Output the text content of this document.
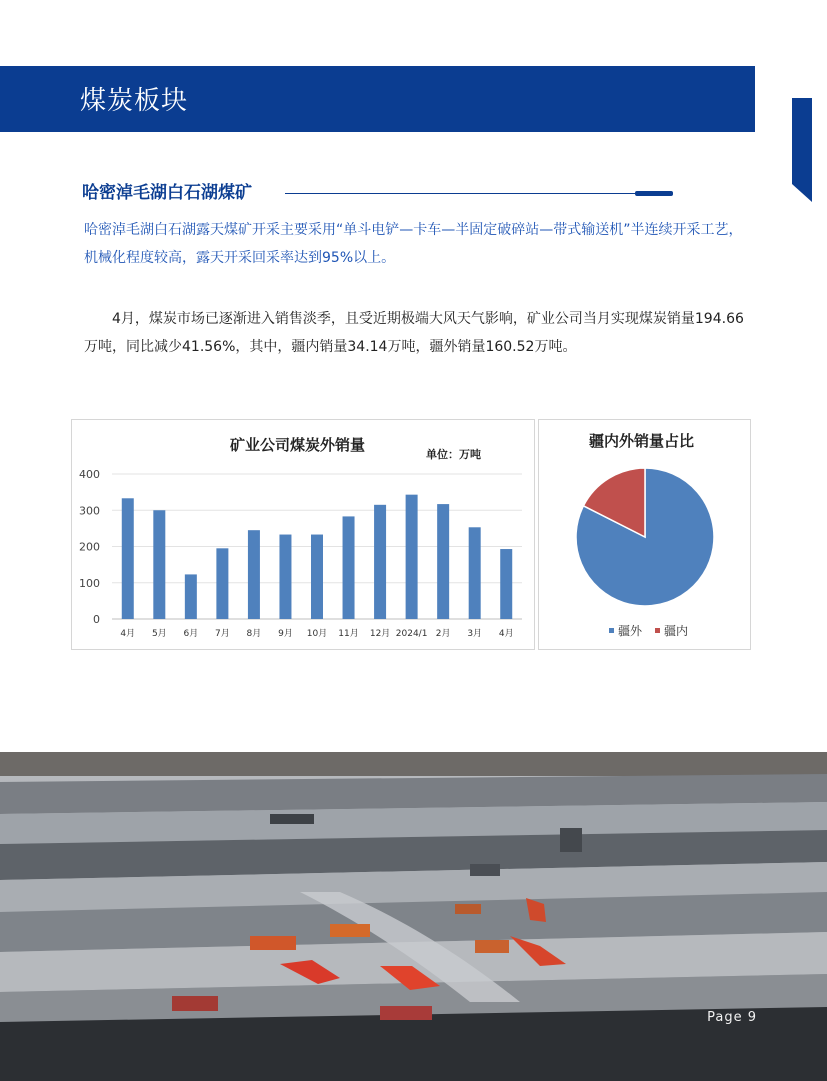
煤炭板块
哈密淖毛湖白石湖煤矿
哈密淖毛湖白石湖露天煤矿开采主要采用“单斗电铲—卡车—半固定破碎站—带式输送机”半连续开采工艺，机械化程度较高，露天开采回采率达到95%以上。
4月，煤炭市场已逐渐进入销售淡季，且受近期极端大风天气影响，矿业公司当月实现煤炭销量194.66万吨，同比减少41.56%，其中，疆内销量34.14万吨，疆外销量160.52万吨。
矿业公司煤炭外销量
单位：万吨
0
100
200
300
400
4月 5月 6月 7月 8月 9月 10月 11月 12月 2024/1 2月 3月 4月
疆内外销量占比
疆外 疆内
Page 9
